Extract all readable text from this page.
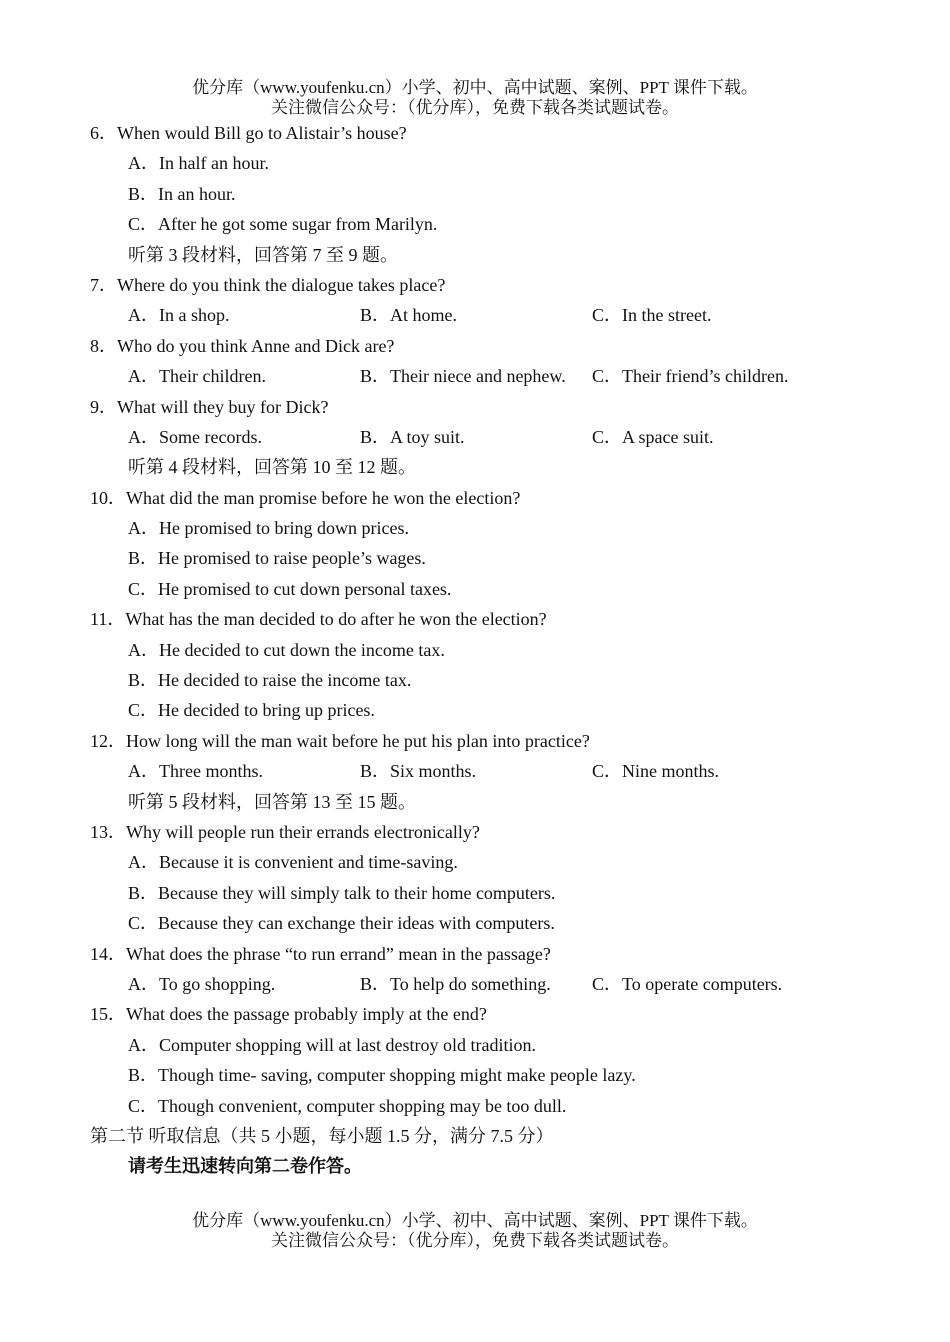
优分库（www.youfenku.cn）小学、初中、高中试题、案例、PPT 课件下载。
关注微信公众号：（优分库），免费下载各类试题试卷。
6．When would Bill go to Alistair’s house?
A．In half an hour.
B．In an hour.
C．After he got some sugar from Marilyn.
听第 3 段材料，回答第 7 至 9 题。
7．Where do you think the dialogue takes place?
A．In a shop.	B．At home.	C．In the street.
8．Who do you think Anne and Dick are?
A．Their children.	B．Their niece and nephew. C．Their friend’s children.
9．What will they buy for Dick?
A．Some records.	B．A toy suit.	C．A space suit.
听第 4 段材料，回答第 10 至 12 题。
10．What did the man promise before he won the election?
A．He promised to bring down prices.
B．He promised to raise people’s wages.
C．He promised to cut down personal taxes.
11．What has the man decided to do after he won the election?
A．He decided to cut down the income tax.
B．He decided to raise the income tax.
C．He decided to bring up prices.
12．How long will the man wait before he put his plan into practice?
A．Three months.	B．Six months.	C．Nine months.
听第 5 段材料，回答第 13 至 15 题。
13．Why will people run their errands electronically?
A．Because it is convenient and time-saving.
B．Because they will simply talk to their home computers.
C．Because they can exchange their ideas with computers.
14．What does the phrase “to run errand” mean in the passage?
A．To go shopping.	B．To help do something. C．To operate computers.
15．What does the passage probably imply at the end?
A．Computer shopping will at last destroy old tradition.
B．Though time- saving, computer shopping might make people lazy.
C．Though convenient, computer shopping may be too dull.
第二节 听取信息（共 5 小题，每小题 1.5 分，满分 7.5 分）
请考生迅速转向第二卷作答。
优分库（www.youfenku.cn）小学、初中、高中试题、案例、PPT 课件下载。
关注微信公众号：（优分库），免费下载各类试题试卷。
